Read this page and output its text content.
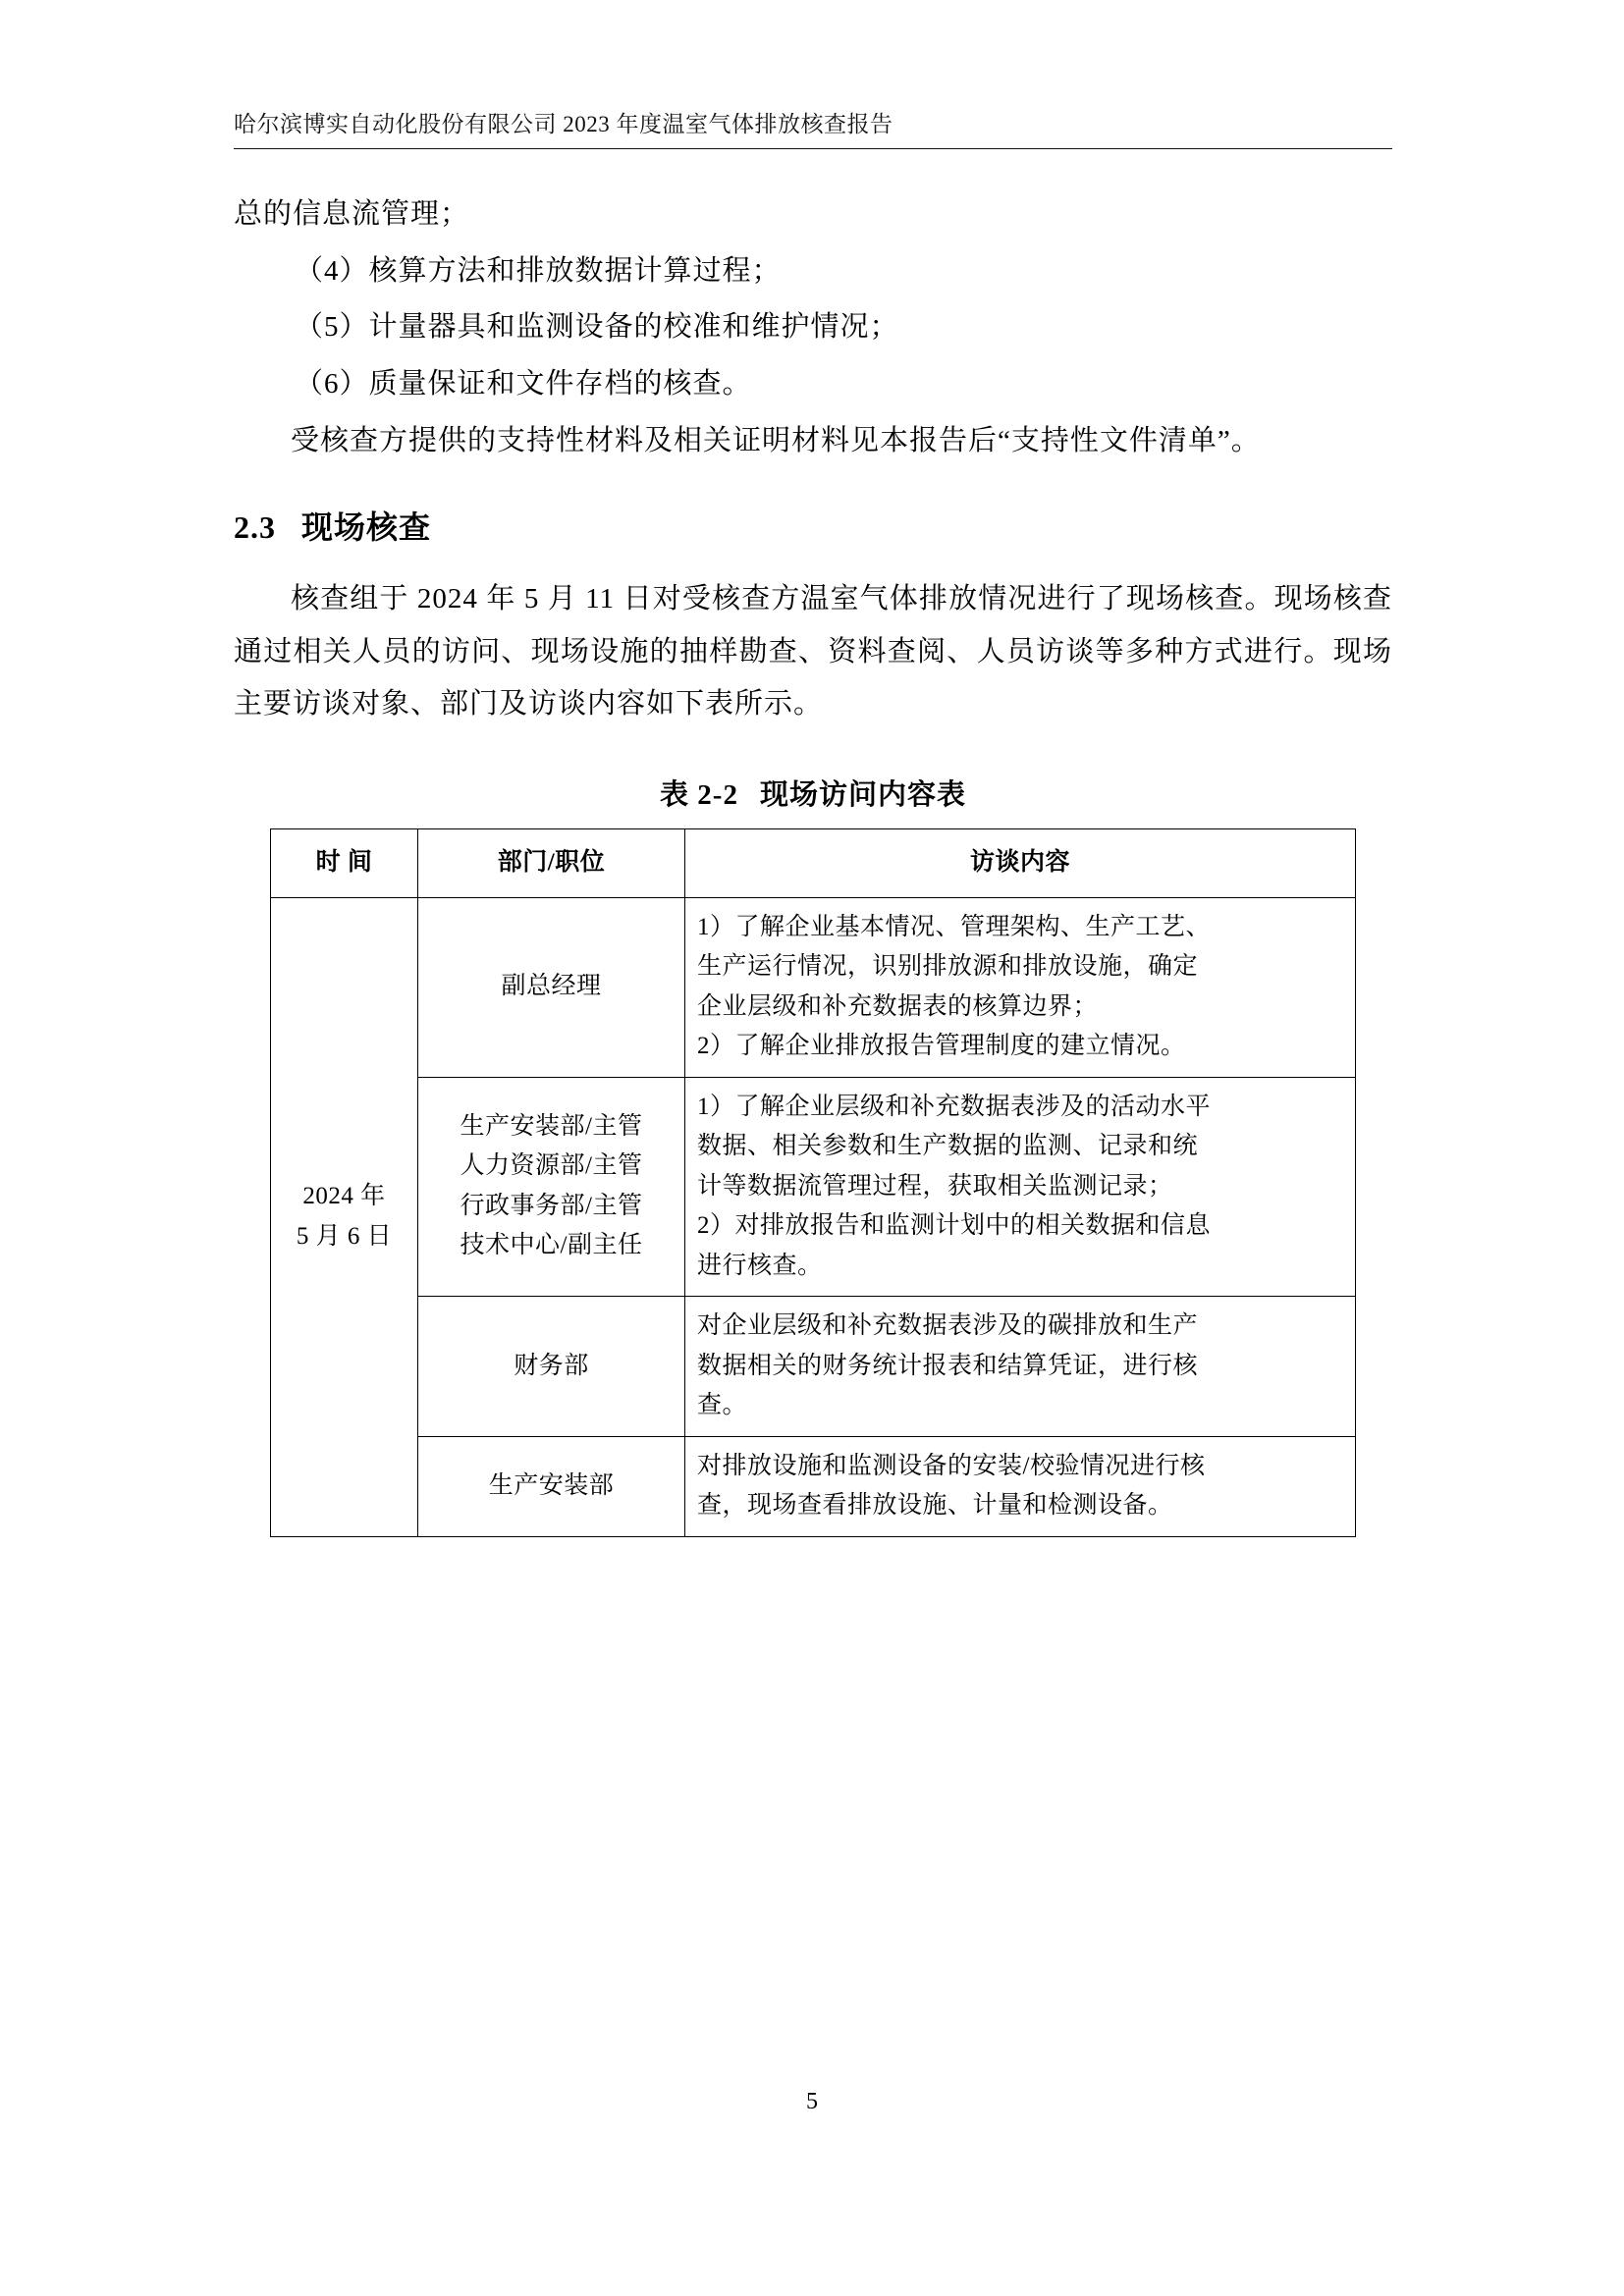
哈尔滨博实自动化股份有限公司 2023 年度温室气体排放核查报告

总的信息流管理；

（4）核算方法和排放数据计算过程；

（5）计量器具和监测设备的校准和维护情况；

（6）质量保证和文件存档的核查。

受核查方提供的支持性材料及相关证明材料见本报告后“支持性文件清单”。

2.3 现场核查

核查组于 2024 年 5 月 11 日对受核查方温室气体排放情况进行了现场核查。现场核查通过相关人员的访问、现场设施的抽样勘查、资料查阅、人员访谈等多种方式进行。现场主要访谈对象、部门及访谈内容如下表所示。

表 2-2 现场访问内容表
时 间	部门/职位	访谈内容

2024 年
5 月 6 日	副总经理	1）了解企业基本情况、管理架构、生产工艺、
生产运行情况，识别排放源和排放设施，确定
企业层级和补充数据表的核算边界；
2）了解企业排放报告管理制度的建立情况。

	生产安装部/主管
人力资源部/主管
行政事务部/主管
技术中心/副主任	1）了解企业层级和补充数据表涉及的活动水平
数据、相关参数和生产数据的监测、记录和统
计等数据流管理过程，获取相关监测记录；
2）对排放报告和监测计划中的相关数据和信息
进行核查。

	财务部	对企业层级和补充数据表涉及的碳排放和生产
数据相关的财务统计报表和结算凭证，进行核
查。

	生产安装部	对排放设施和监测设备的安装/校验情况进行核
查，现场查看排放设施、计量和检测设备。
5
